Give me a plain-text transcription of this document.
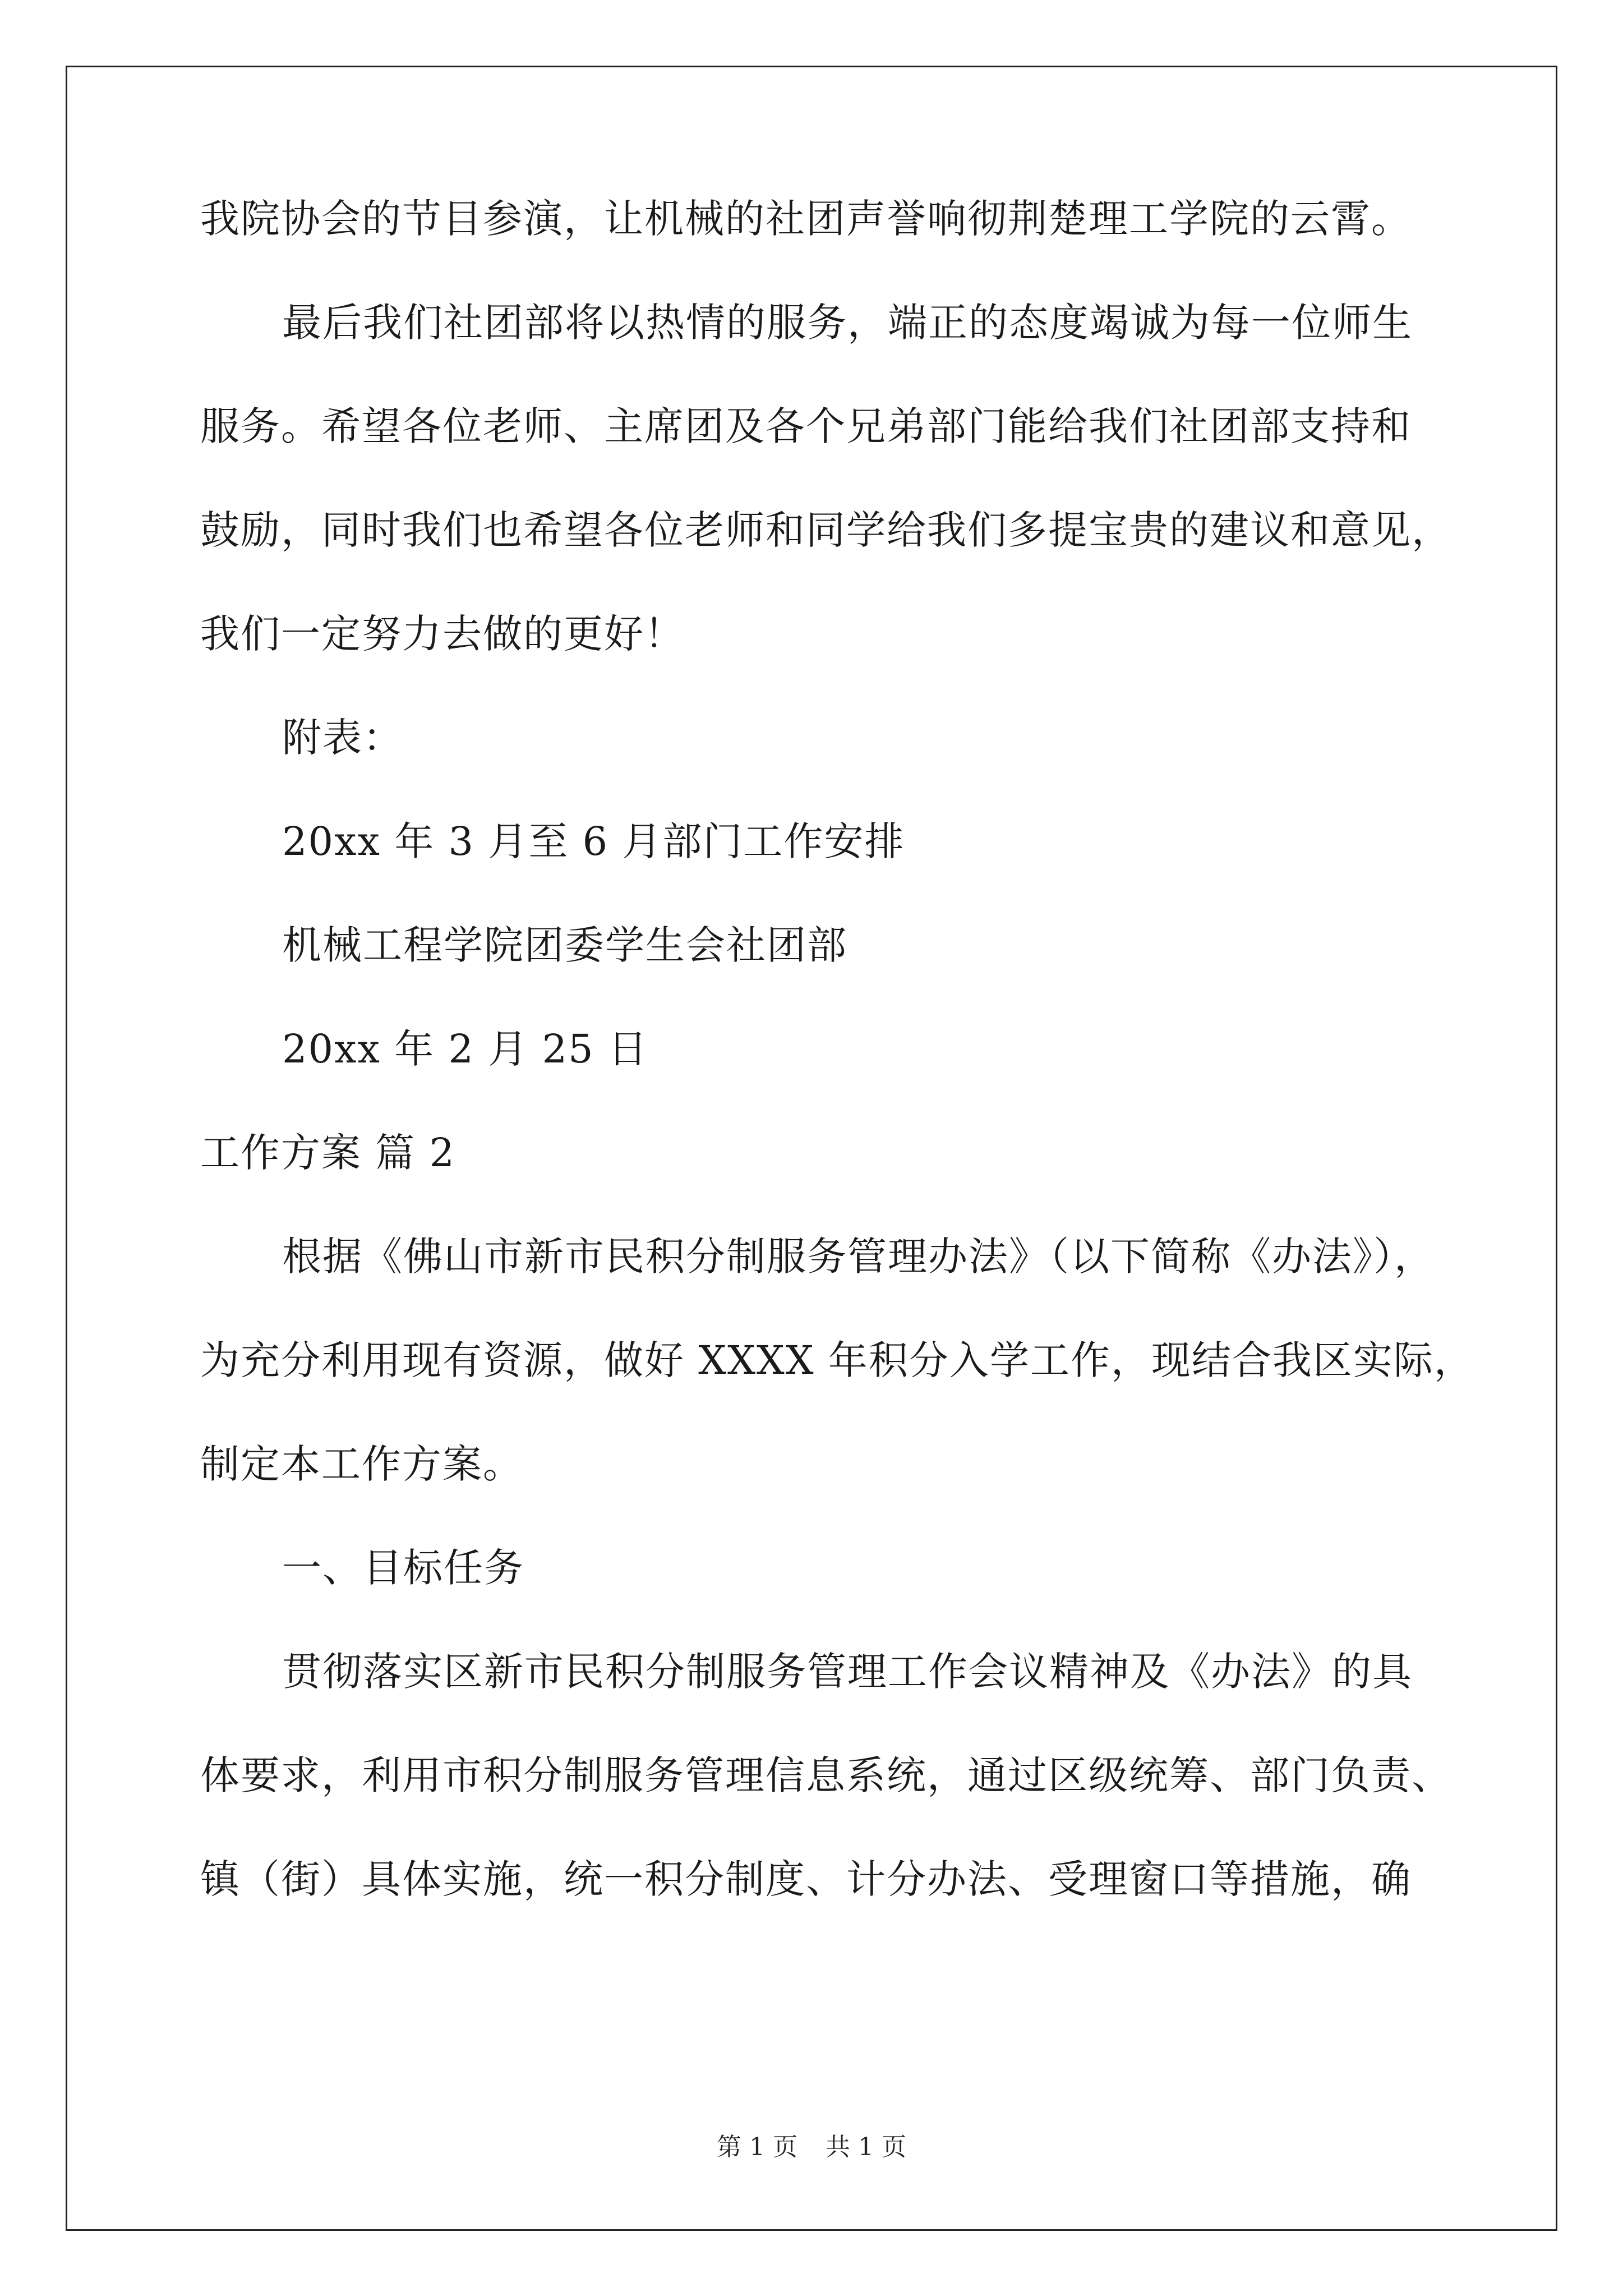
我院协会的节目参演，让机械的社团声誉响彻荆楚理工学院的云霄。

最后我们社团部将以热情的服务，端正的态度竭诚为每一位师生

服务。希望各位老师、主席团及各个兄弟部门能给我们社团部支持和

鼓励，同时我们也希望各位老师和同学给我们多提宝贵的建议和意见，

我们一定努力去做的更好！

附表：

20xx 年 3 月至 6 月部门工作安排

机械工程学院团委学生会社团部

20xx 年 2 月 25 日

工作方案 篇 2

根据《佛山市新市民积分制服务管理办法》（以下简称《办法》），

为充分利用现有资源，做好 XXXX 年积分入学工作，现结合我区实际，

制定本工作方案。

一、目标任务

贯彻落实区新市民积分制服务管理工作会议精神及《办法》的具

体要求，利用市积分制服务管理信息系统，通过区级统筹、部门负责、

镇（街）具体实施，统一积分制度、计分办法、受理窗口等措施，确

第 1 页 共 1 页
